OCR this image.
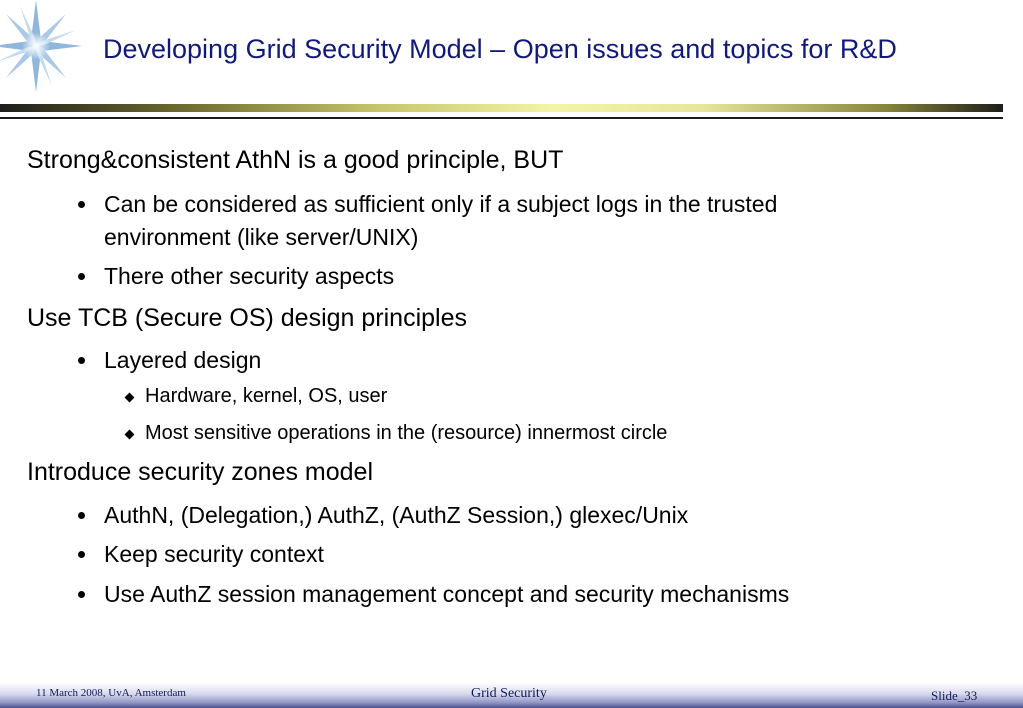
Developing Grid Security Model – Open issues and topics for R&D
Strong&consistent AthN is a good principle, BUT
Can be considered as sufficient only if a subject logs in the trusted
environment (like server/UNIX)
There other security aspects
Use TCB (Secure OS) design principles
Layered design
Hardware, kernel, OS, user
Most sensitive operations in the (resource) innermost circle
Introduce security zones model
AuthN, (Delegation,) AuthZ, (AuthZ Session,) glexec/Unix
Keep security context
Use AuthZ session management concept and security mechanisms
11 March 2008, UvA, Amsterdam	Grid Security	Slide_33
